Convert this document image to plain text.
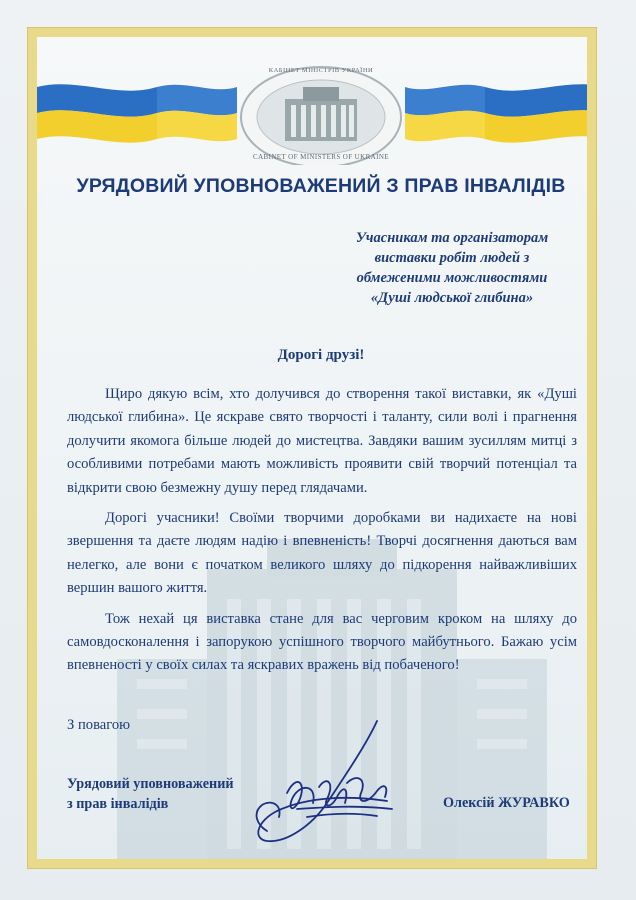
КАБІНЕТ МІНІСТРІВ УКРАЇНИ
CABINET OF MINISTERS OF UKRAINE
УРЯДОВИЙ УПОВНОВАЖЕНИЙ З ПРАВ ІНВАЛІДІВ
Учасникам та організаторам
виставки робіт людей з
обмеженими можливостями
«Душі людської глибина»
Дорогі друзі!

Щиро дякую всім, хто долучився до створення такої виставки, як «Душі людської глибина». Це яскраве свято творчості і таланту, сили волі і прагнення долучити якомога більше людей до мистецтва. Завдяки вашим зусиллям митці з особливими потребами мають можливість проявити свій творчий потенціал та відкрити свою безмежну душу перед глядачами.

Дорогі учасники! Своїми творчими доробками ви надихаєте на нові звершення та даєте людям надію і впевненість! Творчі досягнення даються вам нелегко, але вони є початком великого шляху до підкорення найважливіших вершин вашого життя.

Тож нехай ця виставка стане для вас черговим кроком на шляху до самовдосконалення і запорукою успішного творчого майбутнього. Бажаю усім впевненості у своїх силах та яскравих вражень від побаченого!

З повагою
Урядовий уповноважений
з прав інвалідів	Олексій ЖУРАВКО
